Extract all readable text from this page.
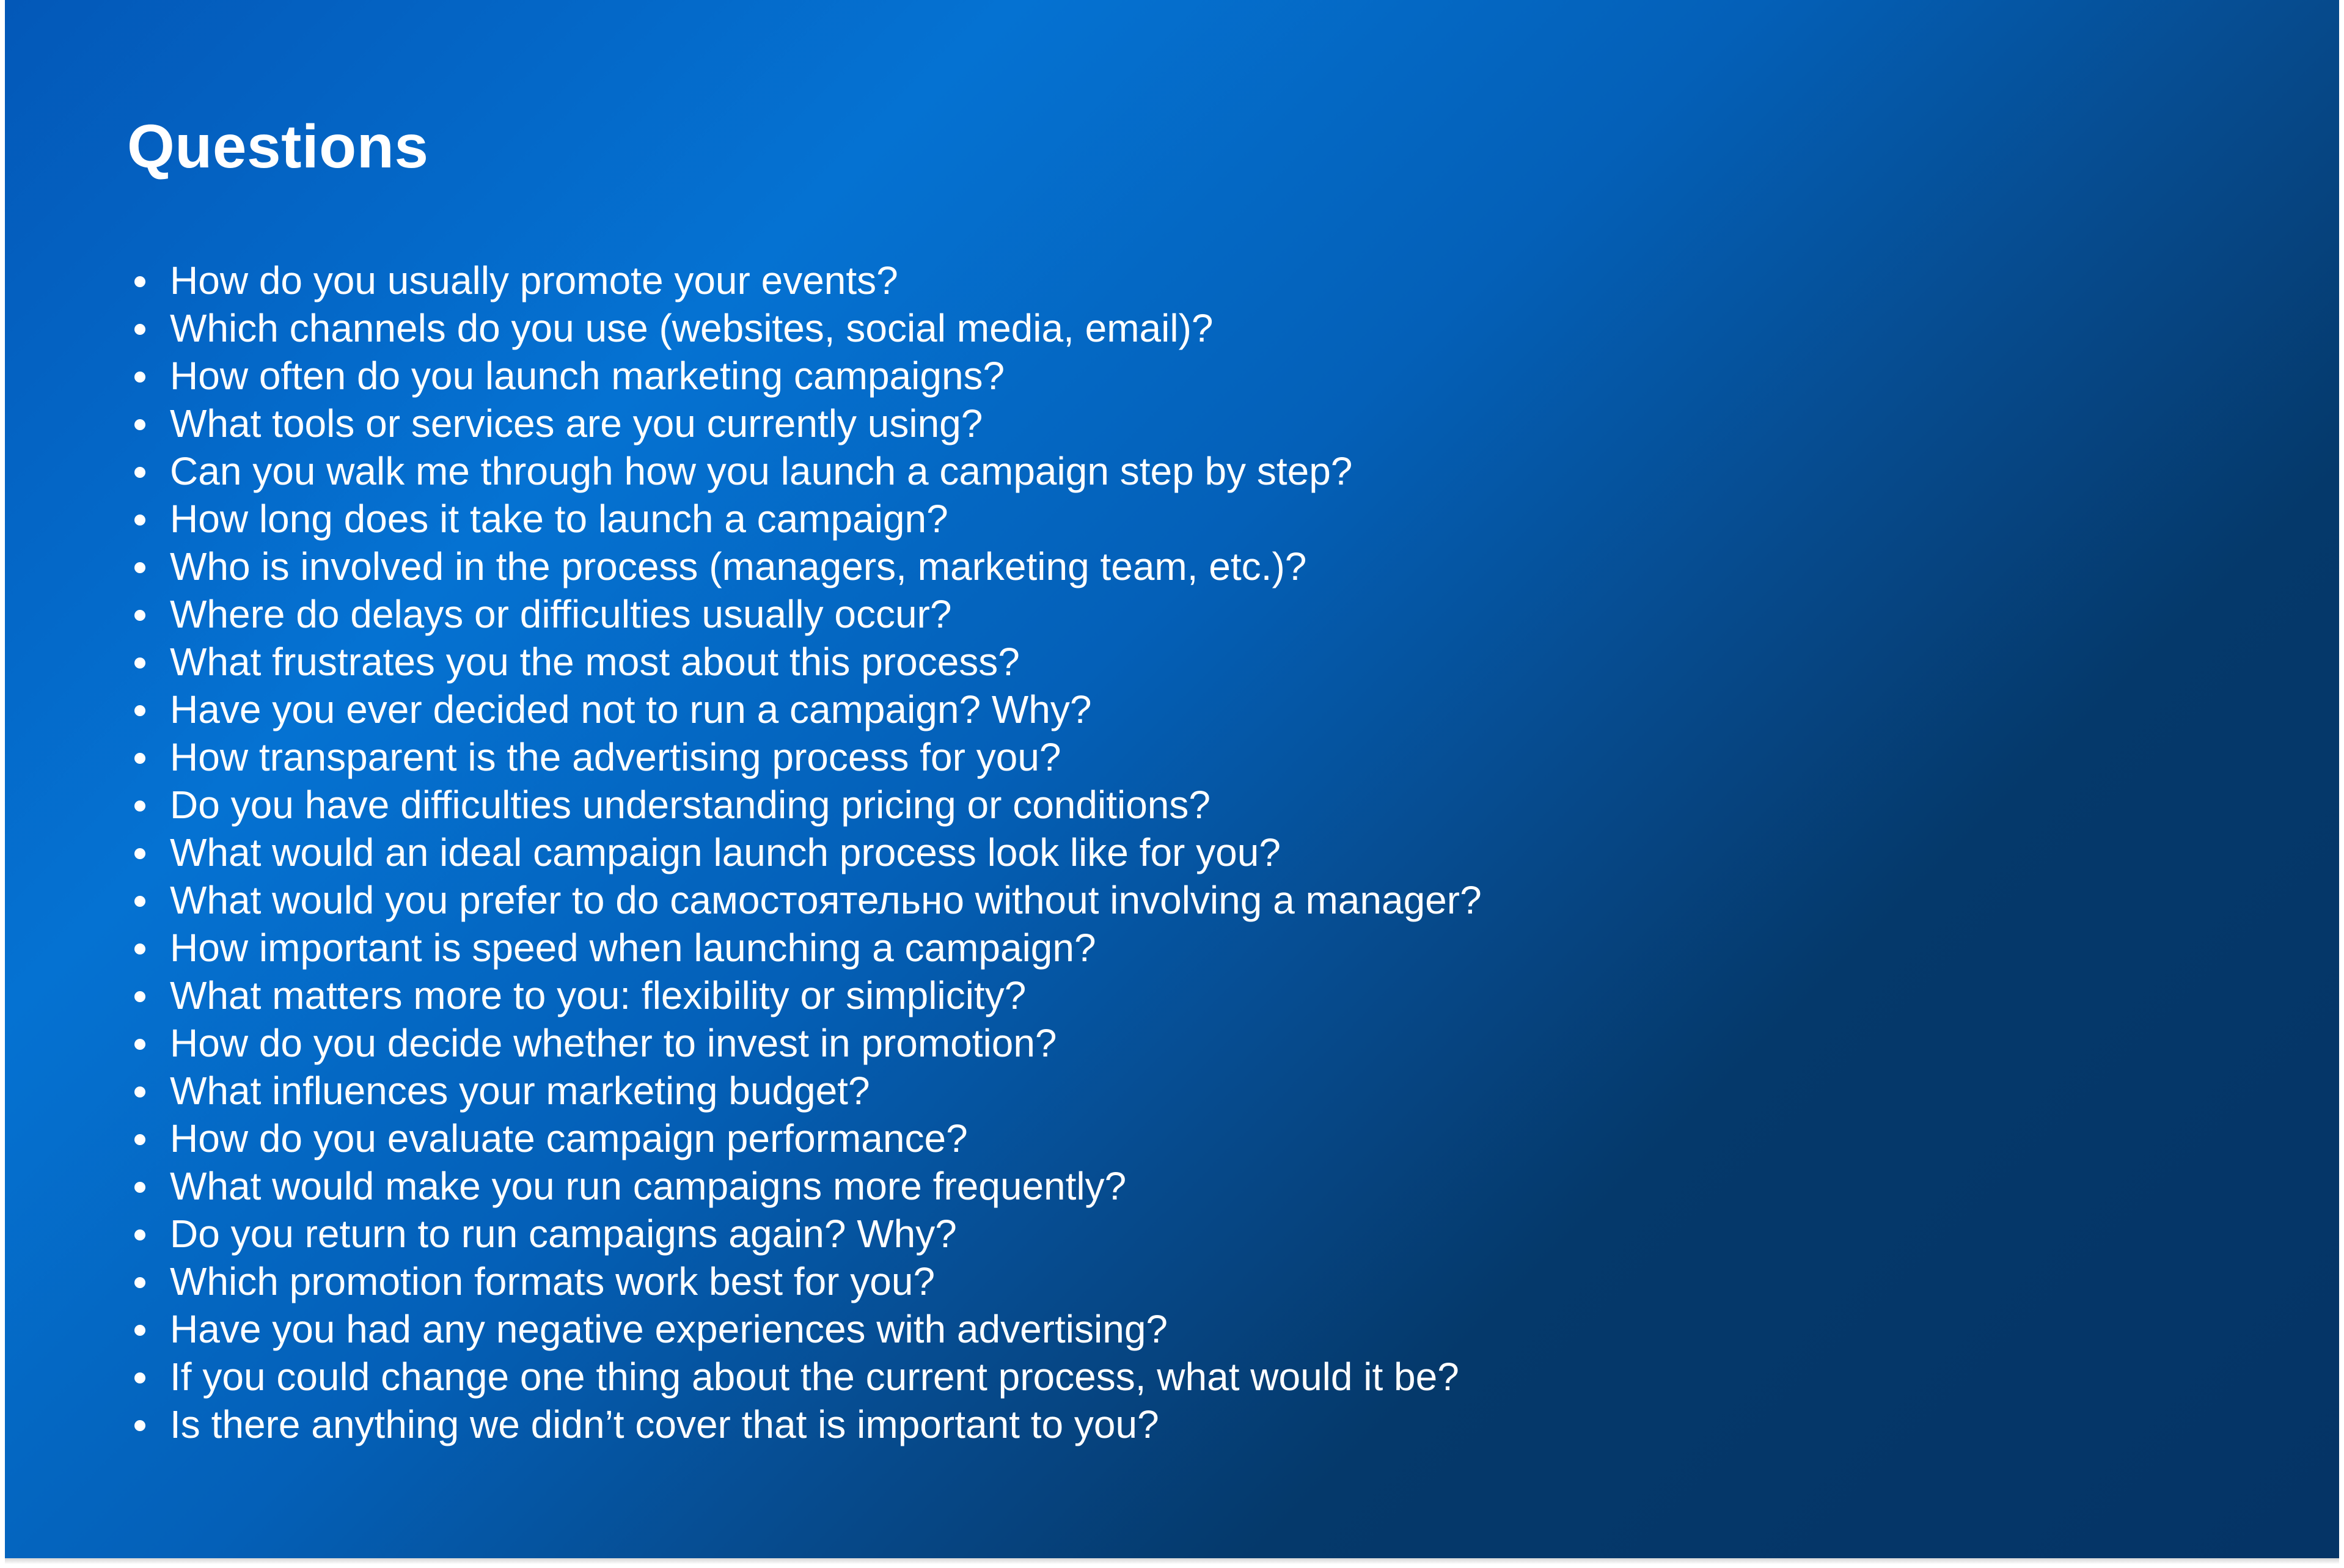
Questions
How do you usually promote your events?
Which channels do you use (websites, social media, email)?
How often do you launch marketing campaigns?
What tools or services are you currently using?
Can you walk me through how you launch a campaign step by step?
How long does it take to launch a campaign?
Who is involved in the process (managers, marketing team, etc.)?
Where do delays or difficulties usually occur?
What frustrates you the most about this process?
Have you ever decided not to run a campaign? Why?
How transparent is the advertising process for you?
Do you have difficulties understanding pricing or conditions?
What would an ideal campaign launch process look like for you?
What would you prefer to do самостоятельно without involving a manager?
How important is speed when launching a campaign?
What matters more to you: flexibility or simplicity?
How do you decide whether to invest in promotion?
What influences your marketing budget?
How do you evaluate campaign performance?
What would make you run campaigns more frequently?
Do you return to run campaigns again? Why?
Which promotion formats work best for you?
Have you had any negative experiences with advertising?
If you could change one thing about the current process, what would it be?
Is there anything we didn’t cover that is important to you?
